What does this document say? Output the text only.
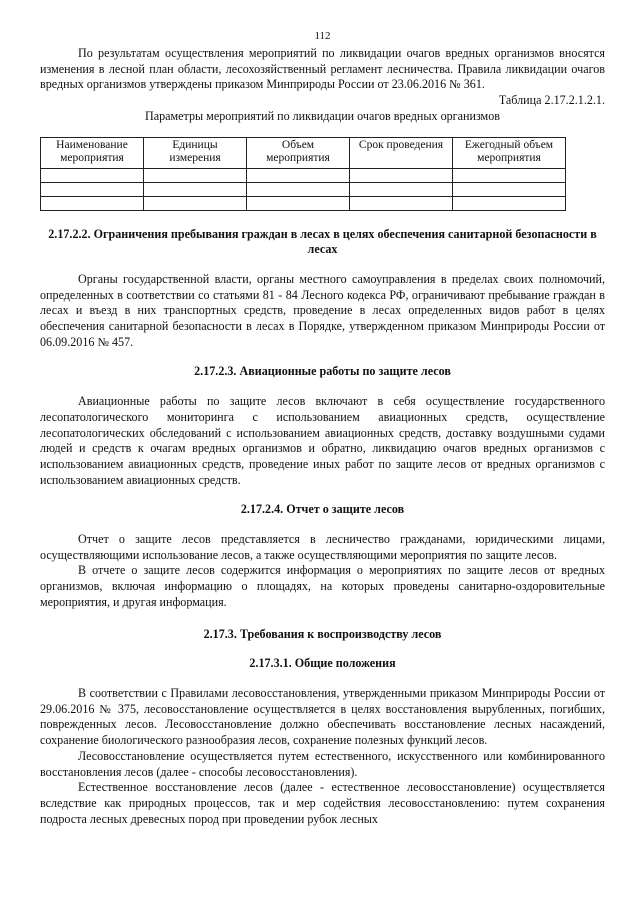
112

По результатам осуществления мероприятий по ликвидации очагов вредных организмов вносятся изменения в лесной план области, лесохозяйственный регламент лесничества. Правила ликвидации очагов вредных организмов утверждены приказом Минприроды России от 23.06.2016 № 361.

Таблица 2.17.2.1.2.1.

Параметры мероприятий по ликвидации очагов вредных организмов

Наименование мероприятия	Единицы измерения	Объем мероприятия	Срок проведения	Ежегодный объем мероприятия

2.17.2.2. Ограничения пребывания граждан в лесах в целях обеспечения санитарной безопасности в лесах

Органы государственной власти, органы местного самоуправления в пределах своих полномочий, определенных в соответствии со статьями 81 - 84 Лесного кодекса РФ, ограничивают пребывание граждан в лесах и въезд в них транспортных средств, проведение в лесах определенных видов работ в целях обеспечения санитарной безопасности в лесах в Порядке, утвержденном приказом Минприроды России от 06.09.2016 № 457.

2.17.2.3. Авиационные работы по защите лесов

Авиационные работы по защите лесов включают в себя осуществление государственного лесопатологического мониторинга с использованием авиационных средств, осуществление лесопатологических обследований с использованием авиационных средств, доставку воздушными судами людей и средств к очагам вредных организмов и обратно, ликвидацию очагов вредных организмов с использованием авиационных средств, проведение иных работ по защите лесов от вредных организмов с использованием авиационных средств.

2.17.2.4. Отчет о защите лесов

Отчет о защите лесов представляется в лесничество гражданами, юридическими лицами, осуществляющими использование лесов, а также осуществляющими мероприятия по защите лесов.

В отчете о защите лесов содержится информация о мероприятиях по защите лесов от вредных организмов, включая информацию о площадях, на которых проведены санитарно-оздоровительные мероприятия, и другая информация.

2.17.3. Требования к воспроизводству лесов
2.17.3.1. Общие положения

В соответствии с Правилами лесовосстановления, утвержденными приказом Минприроды России от 29.06.2016 № 375, лесовосстановление осуществляется в целях восстановления вырубленных, погибших, поврежденных лесов. Лесовосстановление должно обеспечивать восстановление лесных насаждений, сохранение биологического разнообразия лесов, сохранение полезных функций лесов.

Лесовосстановление осуществляется путем естественного, искусственного или комбинированного восстановления лесов (далее - способы лесовосстановления).

Естественное восстановление лесов (далее - естественное лесовосстановление) осуществляется вследствие как природных процессов, так и мер содействия лесовосстановлению: путем сохранения подроста лесных древесных пород при проведении рубок лесных
